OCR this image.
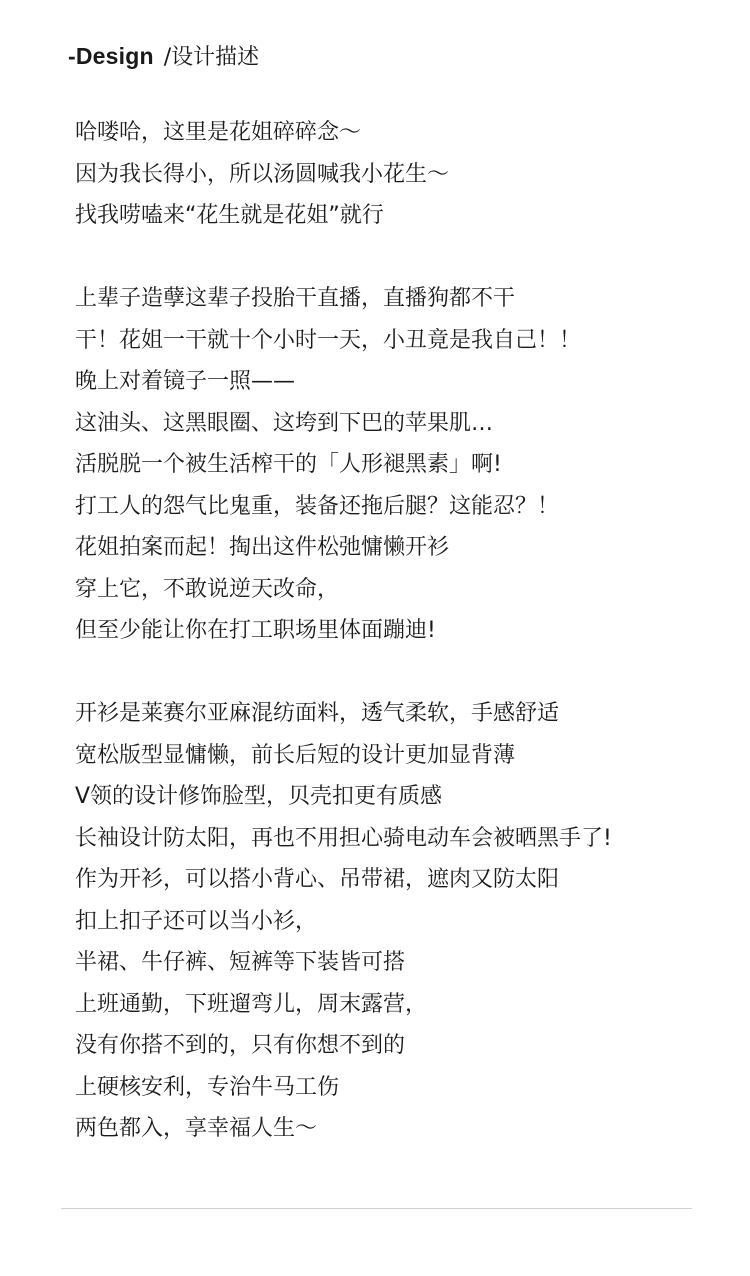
-Design /设计描述
哈喽哈，这里是花姐碎碎念～
因为我长得小，所以汤圆喊我小花生～
找我唠嗑来“花生就是花姐”就行
上辈子造孽这辈子投胎干直播，直播狗都不干
干！花姐一干就十个小时一天，小丑竟是我自己！！
晚上对着镜子一照——
这油头、这黑眼圈、这垮到下巴的苹果肌…
活脱脱一个被生活榨干的「人形褪黑素」啊!
打工人的怨气比鬼重，装备还拖后腿？这能忍？！
花姐拍案而起！掏出这件松弛慵懒开衫
穿上它，不敢说逆天改命，
但至少能让你在打工职场里体面蹦迪!
开衫是莱赛尔亚麻混纺面料，透气柔软，手感舒适
宽松版型显慵懒，前长后短的设计更加显背薄
V领的设计修饰脸型，贝壳扣更有质感
长袖设计防太阳，再也不用担心骑电动车会被晒黑手了!
作为开衫，可以搭小背心、吊带裙，遮肉又防太阳
扣上扣子还可以当小衫，
半裙、牛仔裤、短裤等下装皆可搭
上班通勤，下班遛弯儿，周末露营，
没有你搭不到的，只有你想不到的
上硬核安利，专治牛马工伤
两色都入，享幸福人生～
